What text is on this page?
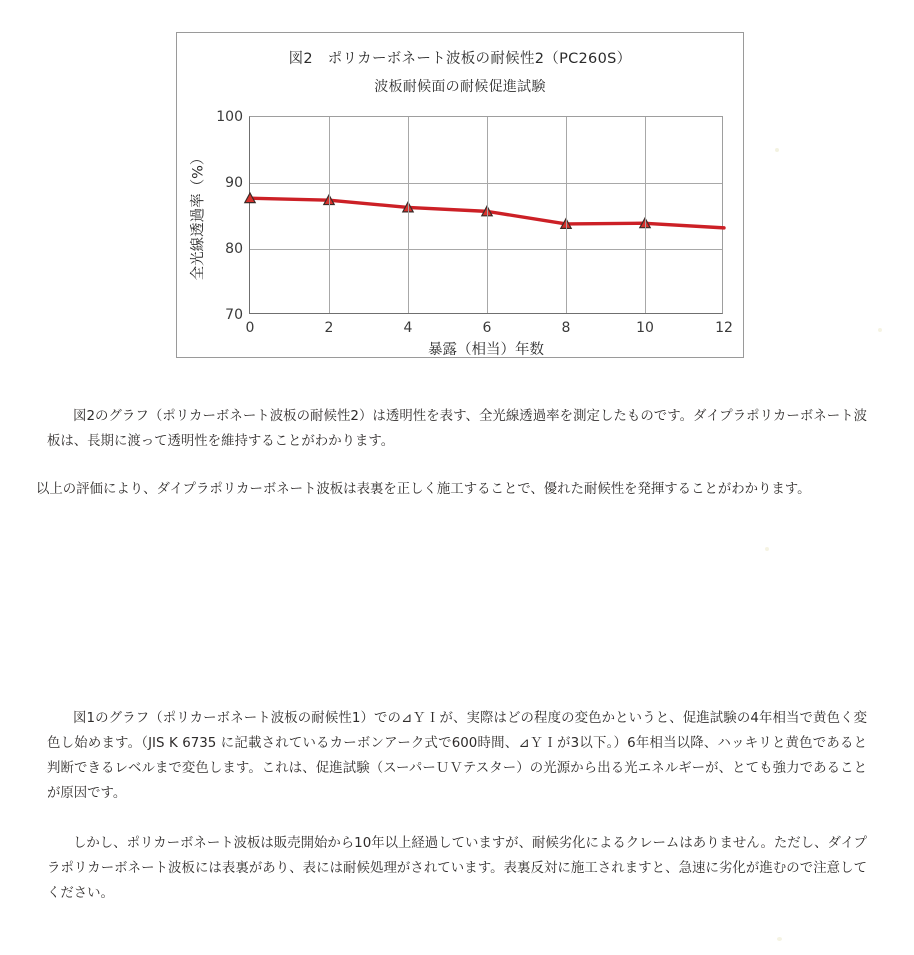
図2　ポリカーボネート波板の耐候性2（PC260S）
波板耐候面の耐候促進試験
全光線透過率（%）
70
80
90
100
0	2	4	6	8	10	12
暴露（相当）年数
図2のグラフ（ポリカーボネート波板の耐候性2）は透明性を表す、全光線透過率を測定したものです。ダイプラポリカーボネート波板は、長期に渡って透明性を維持することがわかります。
以上の評価により、ダイプラポリカーボネート波板は表裏を正しく施工することで、優れた耐候性を発揮することがわかります。
図1のグラフ（ポリカーボネート波板の耐候性1）での⊿ＹＩが、実際はどの程度の変色かというと、促進試験の4年相当で黄色く変色し始めます。（JIS K 6735 に記載されているカーボンアーク式で600時間、⊿ＹＩが3以下。）6年相当以降、ハッキリと黄色であると判断できるレベルまで変色します。これは、促進試験（スーパーＵＶテスター）の光源から出る光エネルギーが、とても強力であることが原因です。
しかし、ポリカーボネート波板は販売開始から10年以上経過していますが、耐候劣化によるクレームはありません。ただし、ダイプラポリカーボネート波板には表裏があり、表には耐候処理がされています。表裏反対に施工されますと、急速に劣化が進むので注意してください。
